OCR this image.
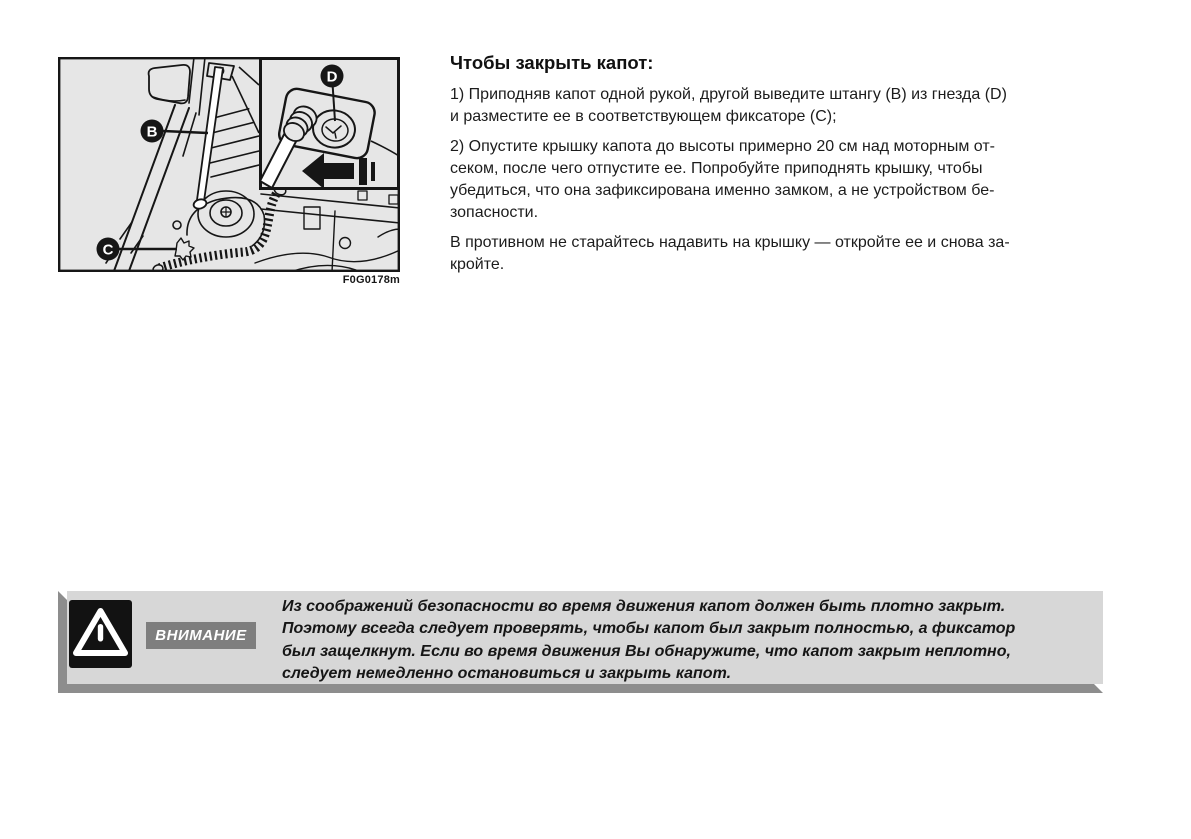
B
C
D
F0G0178m
Чтобы закрыть капот:

1) Приподняв капот одной рукой, другой выведите штангу (B) из гнезда (D)
и разместите ее в соответствующем фиксаторе (C);

2) Опустите крышку капота до высоты примерно 20 см над моторным от-
секом, после чего отпустите ее. Попробуйте приподнять крышку, чтобы
убедиться, что она зафиксирована именно замком, а не устройством бе-
зопасности.

В противном не старайтесь надавить на крышку — откройте ее и снова за-
кройте.

ВНИМАНИЕ
Из соображений безопасности во время движения капот должен быть плотно закрыт.
Поэтому всегда следует проверять, чтобы капот был закрыт полностью, а фиксатор
был защелкнут. Если во время движения Вы обнаружите, что капот закрыт неплотно,
следует немедленно остановиться и закрыть капот.
